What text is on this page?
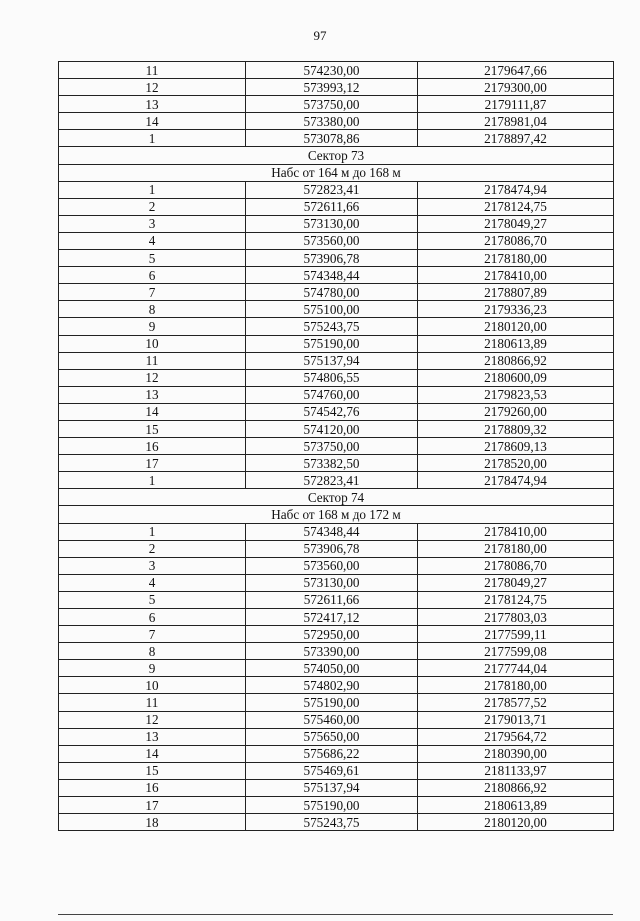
97
11	574230,00	2179647,66
12	573993,12	2179300,00
13	573750,00	2179111,87
14	573380,00	2178981,04
1	573078,86	2178897,42
Сектор 73		
Набс от 164 м до 168 м		
1	572823,41	2178474,94
2	572611,66	2178124,75
3	573130,00	2178049,27
4	573560,00	2178086,70
5	573906,78	2178180,00
6	574348,44	2178410,00
7	574780,00	2178807,89
8	575100,00	2179336,23
9	575243,75	2180120,00
10	575190,00	2180613,89
11	575137,94	2180866,92
12	574806,55	2180600,09
13	574760,00	2179823,53
14	574542,76	2179260,00
15	574120,00	2178809,32
16	573750,00	2178609,13
17	573382,50	2178520,00
1	572823,41	2178474,94
Сектор 74		
Набс от 168 м до 172 м		
1	574348,44	2178410,00
2	573906,78	2178180,00
3	573560,00	2178086,70
4	573130,00	2178049,27
5	572611,66	2178124,75
6	572417,12	2177803,03
7	572950,00	2177599,11
8	573390,00	2177599,08
9	574050,00	2177744,04
10	574802,90	2178180,00
11	575190,00	2178577,52
12	575460,00	2179013,71
13	575650,00	2179564,72
14	575686,22	2180390,00
15	575469,61	2181133,97
16	575137,94	2180866,92
17	575190,00	2180613,89
18	575243,75	2180120,00
